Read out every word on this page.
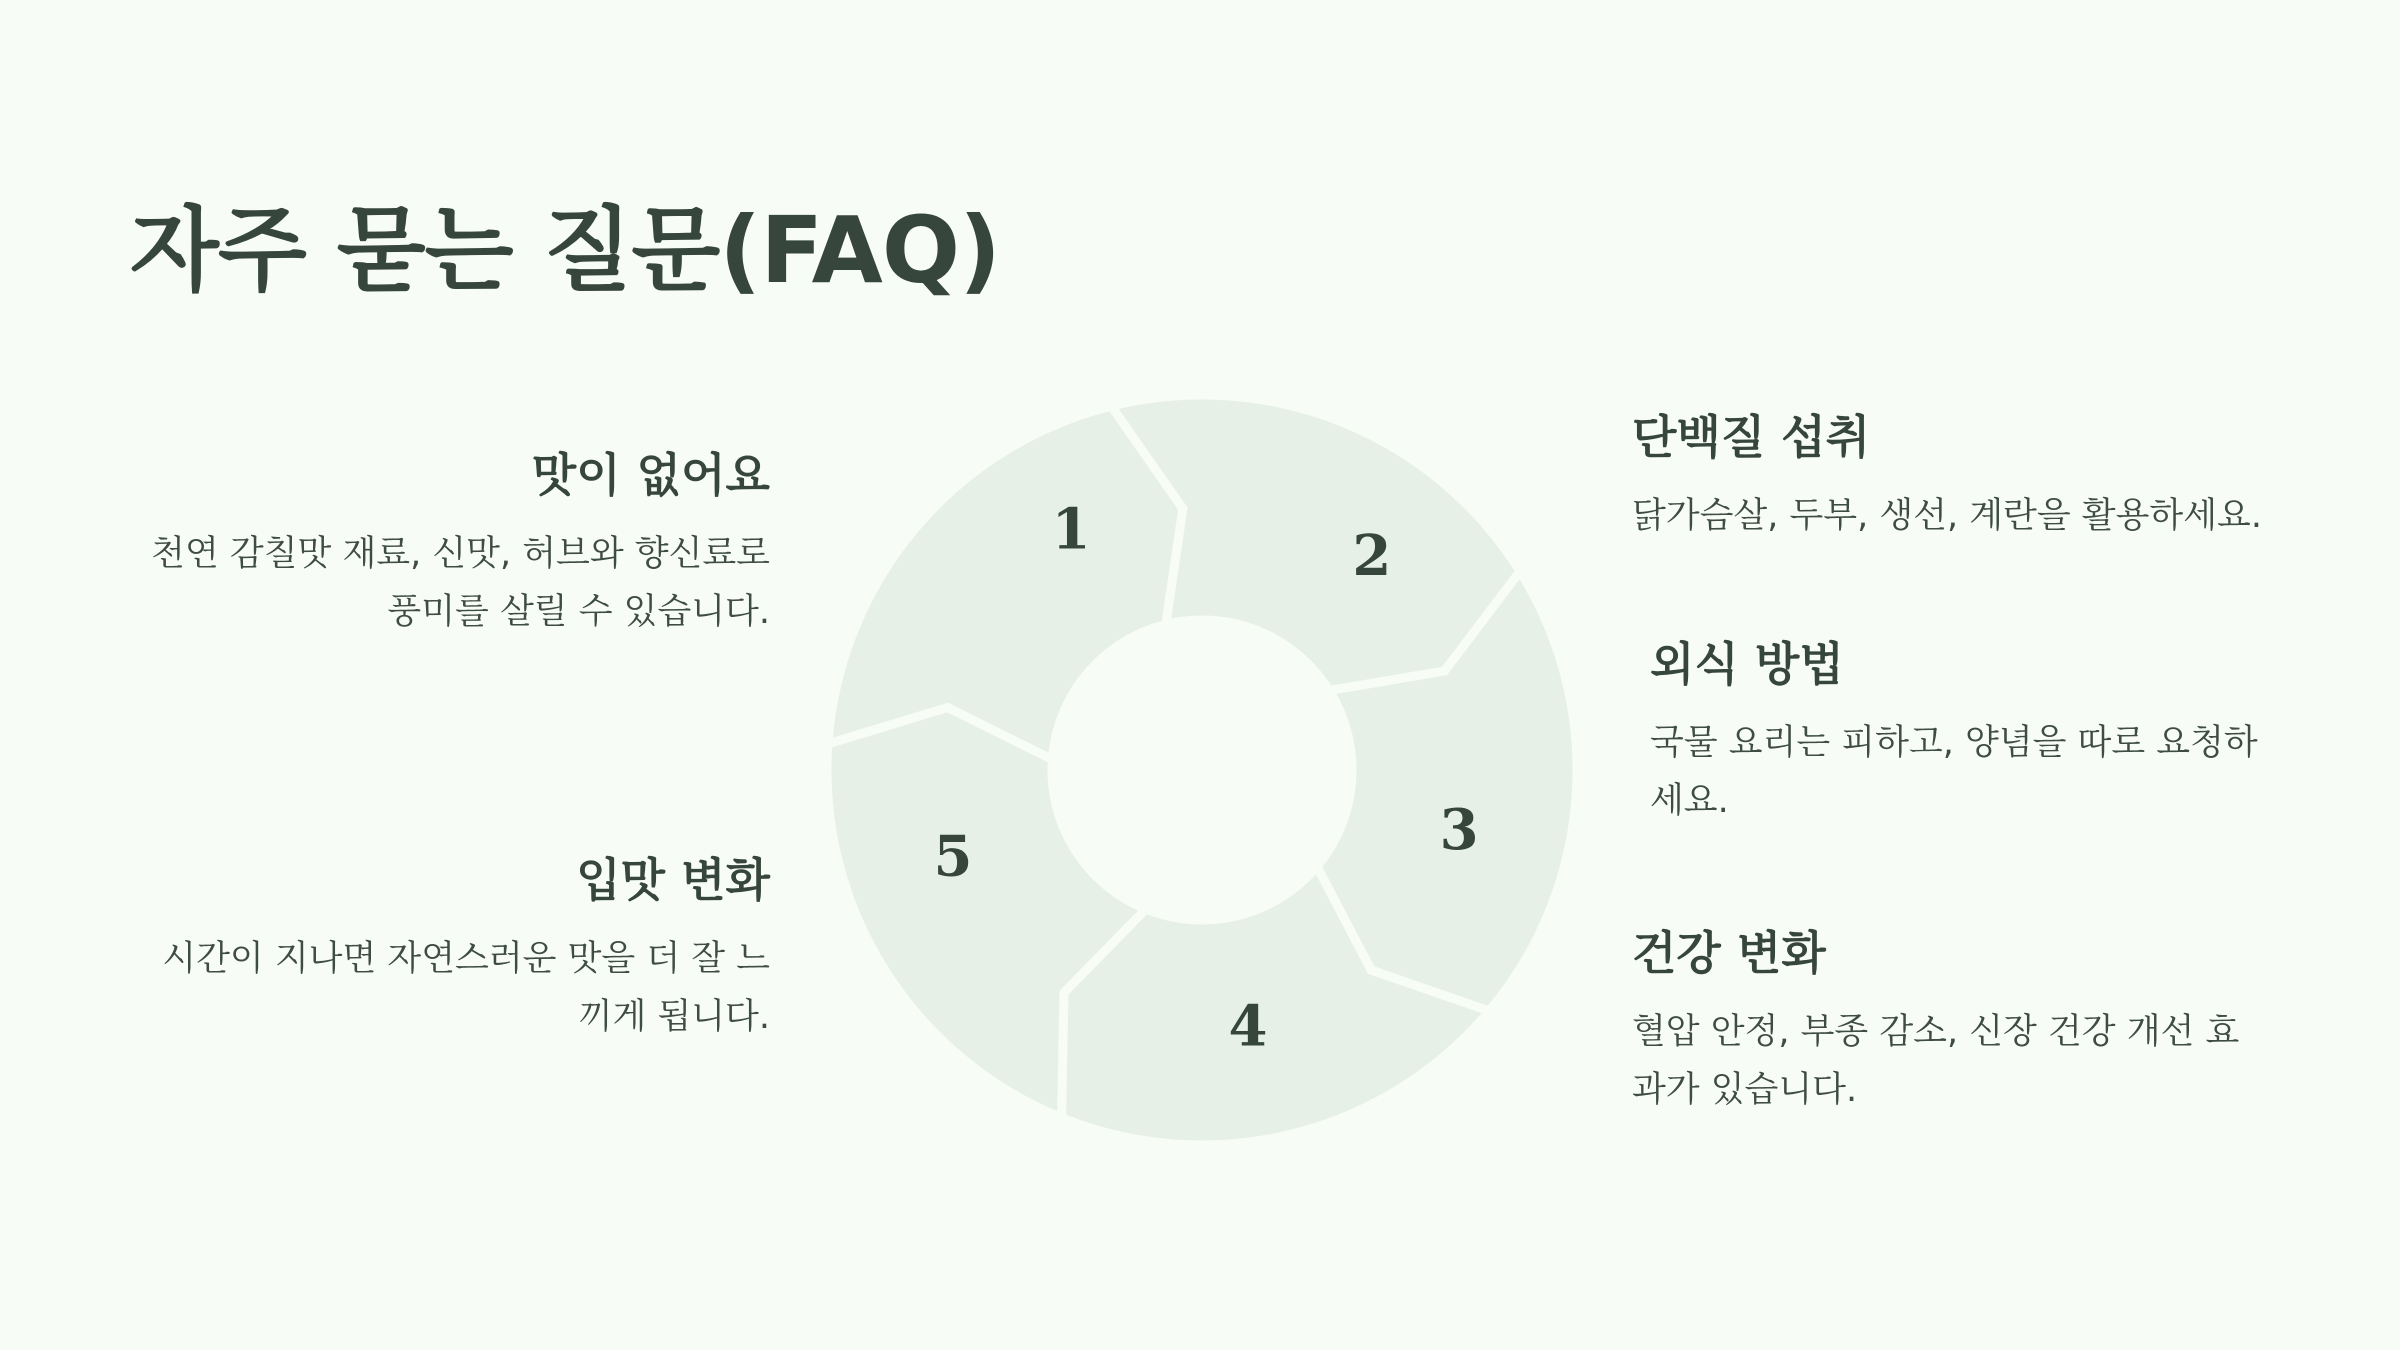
자주 묻는 질문(FAQ)
1	2
3
4
5
맛이 없어요

천연 감칠맛 재료, 신맛, 허브와 향신료로 풍미를 살릴 수 있습니다.

입맛 변화

시간이 지나면 자연스러운 맛을 더 잘 느끼게 됩니다.

단백질 섭취

닭가슴살, 두부, 생선, 계란을 활용하세요.

외식 방법

국물 요리는 피하고, 양념을 따로 요청하세요.

건강 변화

혈압 안정, 부종 감소, 신장 건강 개선 효과가 있습니다.
